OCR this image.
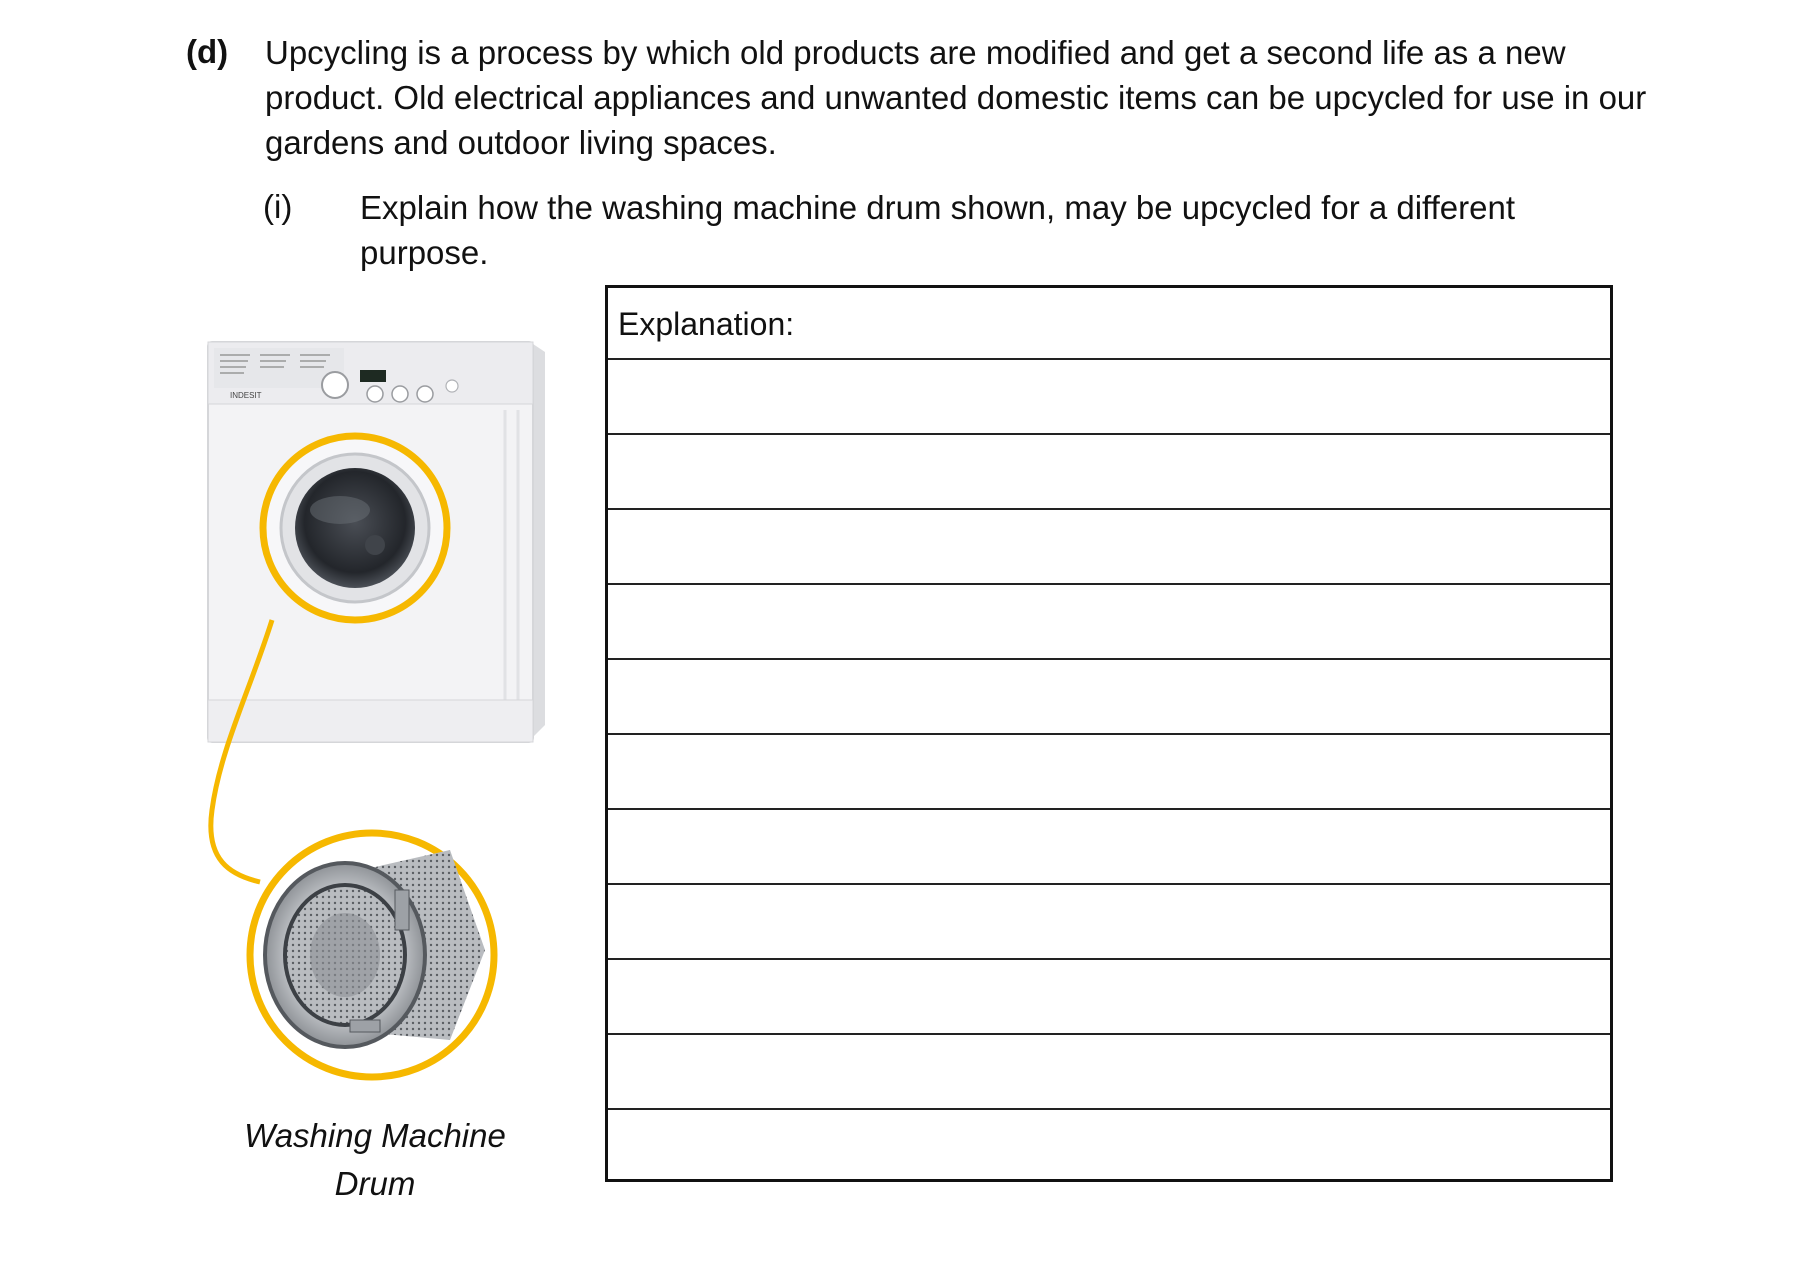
(d) Upcycling is a process by which old products are modified and get a second life as a new product. Old electrical appliances and unwanted domestic items can be upcycled for use in our gardens and outdoor living spaces.

(i) Explain how the washing machine drum shown, may be upcycled for a different purpose.

INDESIT
Washing Machine
Drum
Explanation:
